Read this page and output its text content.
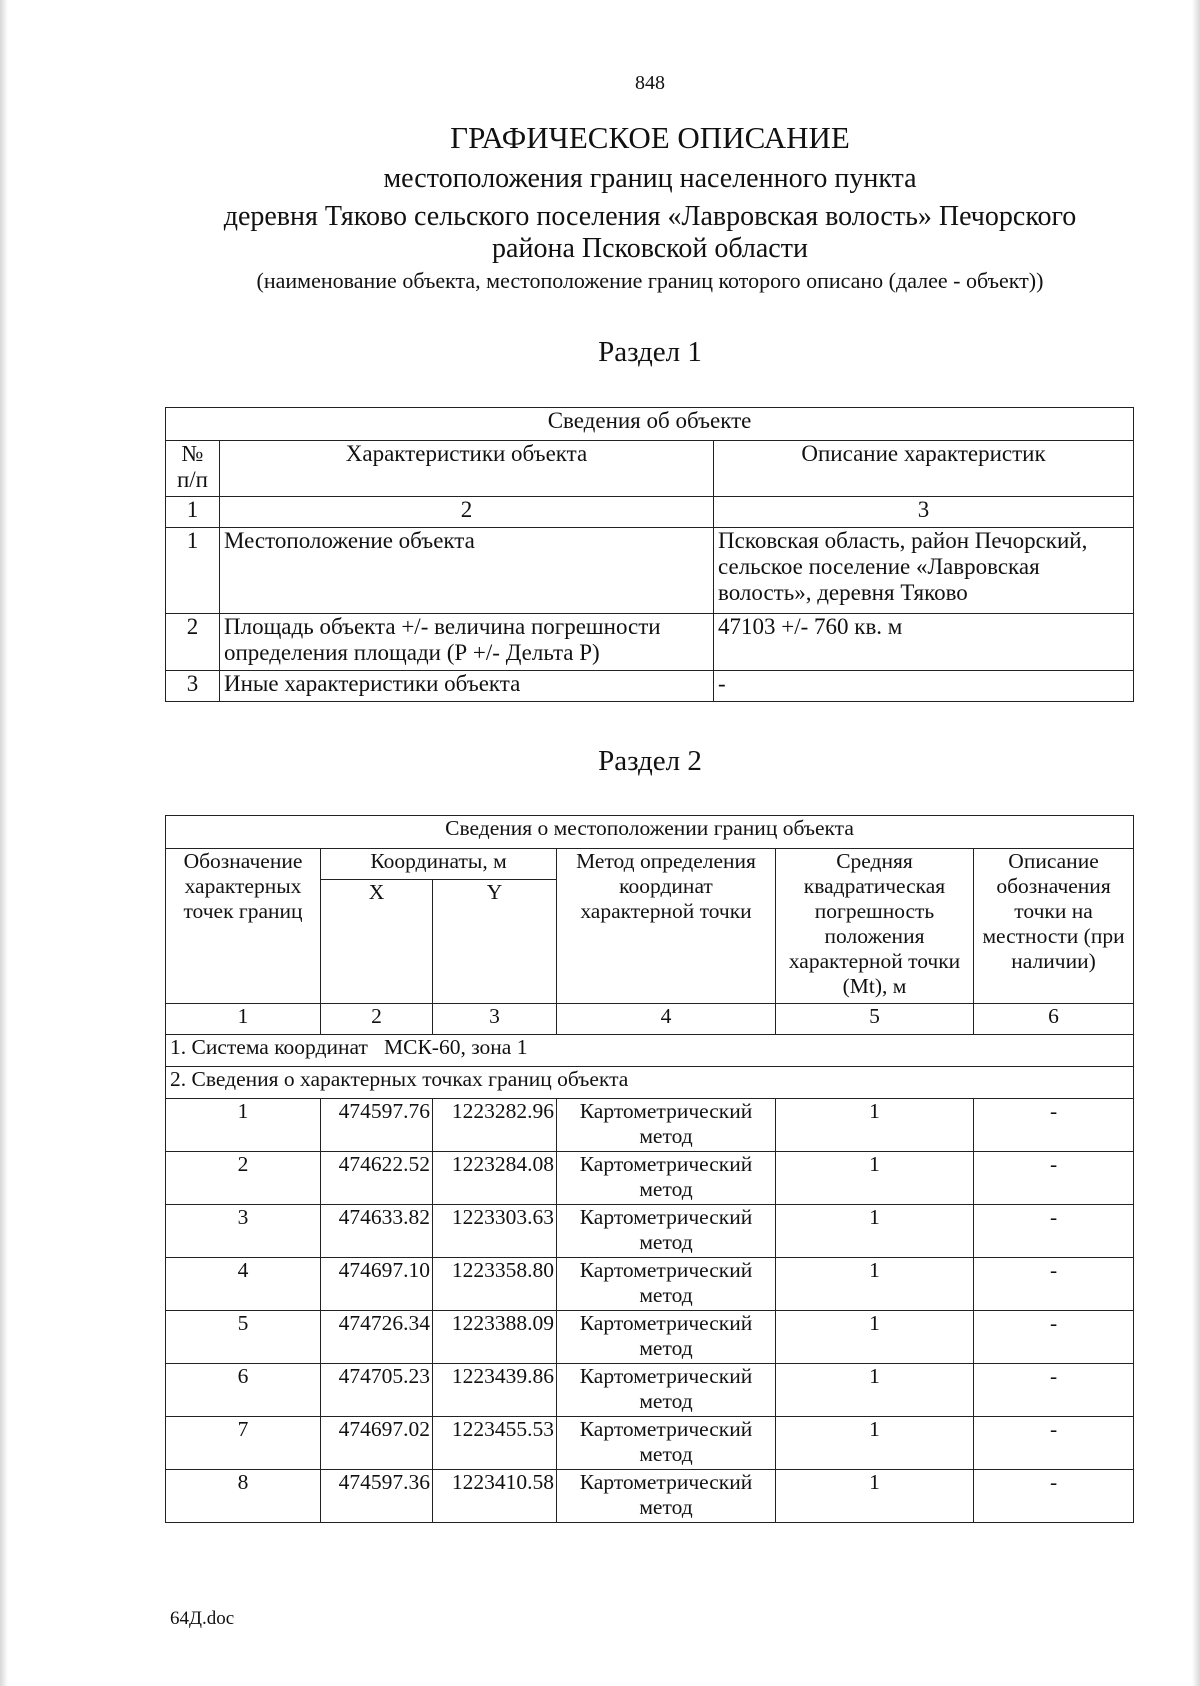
848
ГРАФИЧЕСКОЕ ОПИСАНИЕ
местоположения границ населенного пункта
деревня Тяково сельского поселения «Лавровская волость» Печорского
района Псковской области
(наименование объекта, местоположение границ которого описано (далее - объект))
Раздел 1
Сведения об объекте		
№ п/п	Характеристики объекта	Описание характеристик
1	2	3
1	Местоположение объекта	Псковская область, район Печорский, сельское поселение «Лавровская волость», деревня Тяково
2	Площадь объекта +/- величина погрешности определения площади (Р +/- Дельта Р)	47103 +/- 760 кв. м
3	Иные характеристики объекта	-
Раздел 2
Сведения о местоположении границ объекта					
Обозначение характерных точек границ	Координаты, м		Метод определения координат характерной точки	Средняя квадратическая погрешность положения характерной точки (Mt), м	Описание обозначения точки на местности (при наличии)
	X	Y			
1	2	3	4	5	6
1. Система координат   МСК-60, зона 1					
2. Сведения о характерных точках границ объекта					
1	474597.76	1223282.96	Картометрический метод	1	-
2	474622.52	1223284.08	Картометрический метод	1	-
3	474633.82	1223303.63	Картометрический метод	1	-
4	474697.10	1223358.80	Картометрический метод	1	-
5	474726.34	1223388.09	Картометрический метод	1	-
6	474705.23	1223439.86	Картометрический метод	1	-
7	474697.02	1223455.53	Картометрический метод	1	-
8	474597.36	1223410.58	Картометрический метод	1	-
64Д.doc
